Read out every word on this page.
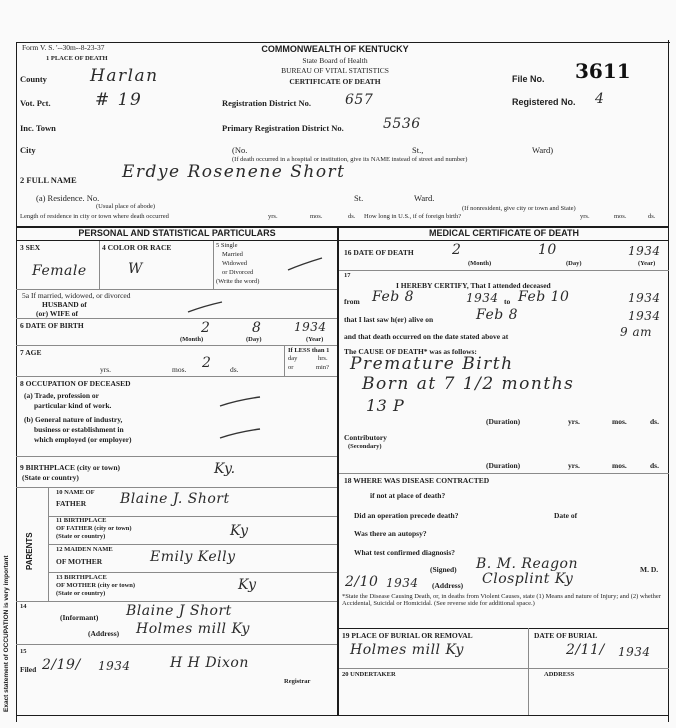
Exact statement of OCCUPATION is very important
Form V. S. '--30m--8-23-37
1 PLACE OF DEATH
COMMONWEALTH OF KENTUCKY
State Board of Health
BUREAU OF VITAL STATISTICS
CERTIFICATE OF DEATH	File No. 3611
Registered No. 4
County	Harlan
Vot. Pct.	# 19	Registration District No. 657
Inc. Town	Primary Registration District No.	5536
City	(No.	St.,	Ward)
(If death occurred in a hospital or institution, give its NAME instead of street and number)
2 FULL NAME	Erdye Rosenene Short
(a) Residence. No.	St.	Ward.
(Usual place of abode)	(If nonresident, give city or town and State)
Length of residence in city or town where death occurred	yrs.	mos.	ds. How long in U.S., if of foreign birth?	yrs.	mos.	ds.
PERSONAL AND STATISTICAL PARTICULARS
3 SEX
Female
4 COLOR OR RACE
W
5 Single
Married
Widowed
or Divorced
(Write the word)
5a If married, widowed, or divorced
HUSBAND of
(or) WIFE of
6 DATE OF BIRTH	2	8	1934
(Month)	(Day)	(Year)
7 AGE
yrs.	mos. 2 ds.
If LESS than 1
day	hrs.
or	min?
8 OCCUPATION OF DECEASED
(a) Trade, profession or
particular kind of work.
(b) General nature of industry,
business or establishment in
which employed (or employer)
9 BIRTHPLACE (city or town)
(State or country)
Ky.
PARENTS
10 NAME OF
FATHER Blaine J. Short
11 BIRTHPLACE
OF FATHER (city or town)
(State or country)	Ky
12 MAIDEN NAME
OF MOTHER	Emily Kelly
13 BIRTHPLACE
OF MOTHER (city or town)
(State or country)
Ky
14
(Informant) Blaine J Short
(Address) Holmes mill Ky
15
Filed 2/19/ 1934	H H Dixon
Registrar
MEDICAL CERTIFICATE OF DEATH
16 DATE OF DEATH	2	10	1934
(Month)	(Day)	(Year)
17
I HEREBY CERTIFY, That I attended deceased
from Feb 8	1934 to Feb 10	1934
that I last saw h(er) alive on	Feb 8	1934
and that death occurred on the date stated above at	9 am
The CAUSE OF DEATH* was as follows:
Premature Birth
Born at 7 1/2 months
13 P
(Duration)	yrs.	mos.	ds.
Contributory
(Secondary)
(Duration)	yrs.	mos.	ds.
18 WHERE WAS DISEASE CONTRACTED
if not at place of death?
Did an operation precede death?	Date of
Was there an autopsy?
What test confirmed diagnosis?
(Signed) B. M. Reagon	M. D.
2/10 1934 (Address) Closplint Ky
*State the Disease Causing Death, or, in deaths from Violent Causes, state (1) Means and nature of Injury; and (2) whether Accidental, Suicidal or Homicidal. (See reverse side for additional space.)
19 PLACE OF BURIAL OR REMOVAL	DATE OF BURIAL
Holmes mill Ky	2/11/ 1934
20 UNDERTAKER	ADDRESS
